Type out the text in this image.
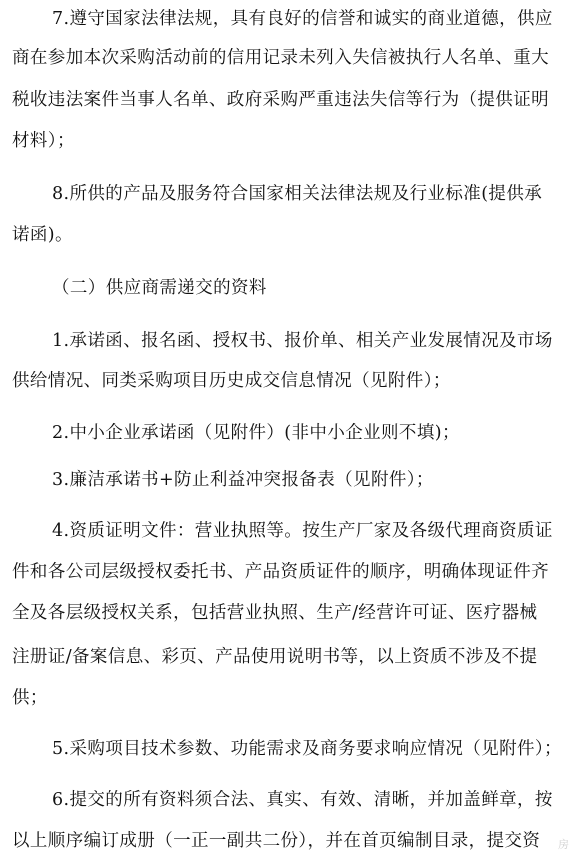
7.遵守国家法律法规，具有良好的信誉和诚实的商业道德，供应
商在参加本次采购活动前的信用记录未列入失信被执行人名单、重大
税收违法案件当事人名单、政府采购严重违法失信等行为（提供证明
材料）；
8.所供的产品及服务符合国家相关法律法规及行业标准(提供承
诺函)。
（二）供应商需递交的资料
1.承诺函、报名函、授权书、报价单、相关产业发展情况及市场
供给情况、同类采购项目历史成交信息情况（见附件）；
2.中小企业承诺函（见附件）(非中小企业则不填)；
3.廉洁承诺书+防止利益冲突报备表（见附件）；
4.资质证明文件：营业执照等。按生产厂家及各级代理商资质证
件和各公司层级授权委托书、产品资质证件的顺序，明确体现证件齐
全及各层级授权关系，包括营业执照、生产/经营许可证、医疗器械
注册证/备案信息、彩页、产品使用说明书等，以上资质不涉及不提
供；
5.采购项目技术参数、功能需求及商务要求响应情况（见附件）；
6.提交的所有资料须合法、真实、有效、清晰，并加盖鲜章，按
以上顺序编订成册（一正一副共二份），并在首页编制目录，提交资 房
